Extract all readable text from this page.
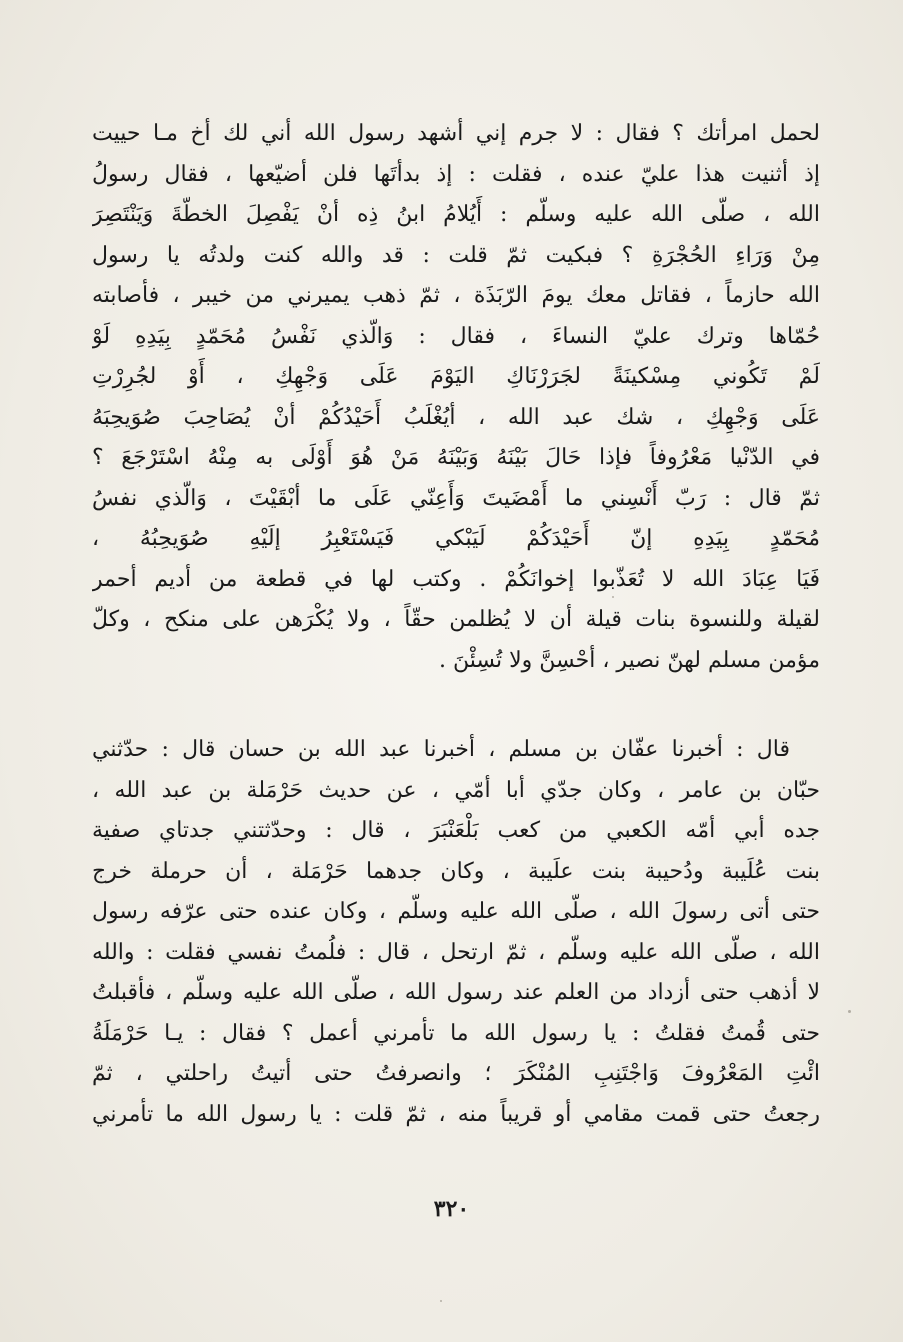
لحمل امرأتك ؟ فقال : لا جرم إني أشهد رسول الله أني لك أخ مـا حييت
إذ أثنيت هذا عليّ عنده ، فقلت : إذ بدأتَها فلن أضيّعها ، فقال رسولُ
الله ، صلّى الله عليه وسلّم : أَيُلامُ ابنُ ذِه أنْ يَفْصِلَ الخطّةَ وَيَنْتَصِرَ
مِنْ وَرَاءِ الحُجْرَةِ ؟ فبكيت ثمّ قلت : قد والله كنت ولدتُه يا رسول
الله حازماً ، فقاتل معك يومَ الرّبَذَة ، ثمّ ذهب يميرني من خيبر ، فأصابته
حُمّاها وترك عليّ النساءَ ، فقال : وَالّذي نَفْسُ مُحَمّدٍ بِيَدِهِ لَوْ
لَمْ تَكُوني مِسْكينَةً لجَرَرْنَاكِ اليَوْمَ عَلَى وَجْهِكِ ، أَوْ لجُرِرْتِ
عَلَى وَجْهِكِ ، شك عبد الله ، أيُغْلَبُ أَحَيْدُكُمْ أنْ يُصَاحِبَ صُوَيحِبَهُ
في الدّنْيا مَعْرُوفاً فإذا حَالَ بَيْنَهُ وَبَيْنَهُ مَنْ هُوَ أَوْلَى به مِنْهُ اسْتَرْجَعَ ؟
ثمّ قال : رَبّ أَنْسِني ما أَمْضَيتَ وَأَعِنّي عَلَى ما أبْقَيْتَ ، وَالّذي نفسُ
مُحَمّدٍ بِيَدِهِ إنّ أَحَيْدَكُمْ لَيَبْكي فَيَسْتَعْبِرُ إلَيْهِ صُوَيحِبُهُ ،
فَيَا عِبَادَ الله لا تُعَذّبوا إخوانَكُمْ . وكتب لها في قطعة من أديم أحمر
لقيلة وللنسوة بنات قيلة أن لا يُظلمن حقّاً ، ولا يُكْرَهن على منكح ، وكلّ
مؤمن مسلم لهنّ نصير ، أحْسِنَّ ولا تُسِئْنَ .
قال : أخبرنا عفّان بن مسلم ، أخبرنا عبد الله بن حسان قال : حدّثني
حبّان بن عامر ، وكان جدّي أبا أمّي ، عن حديث حَرْمَلة بن عبد الله ،
جده أبي أمّه الكعبي من كعب بَلْعَنْبَرَ ، قال : وحدّثتني جدتاي صفية
بنت عُلَيبة ودُحيبة بنت علَيبة ، وكان جدهما حَرْمَلة ، أن حرملة خرج
حتى أتى رسولَ الله ، صلّى الله عليه وسلّم ، وكان عنده حتى عرّفه رسول
الله ، صلّى الله عليه وسلّم ، ثمّ ارتحل ، قال : فلُمتُ نفسي فقلت : والله
لا أذهب حتى أزداد من العلم عند رسول الله ، صلّى الله عليه وسلّم ، فأقبلتُ
حتى قُمتُ فقلتُ : يا رسول الله ما تأمرني أعمل ؟ فقال : يـا حَرْمَلَةُ
ائْتِ المَعْرُوفَ وَاجْتَنِبِ المُنْكَرَ ؛ وانصرفتُ حتى أتيتُ راحلتي ، ثمّ
رجعتُ حتى قمت مقامي أو قريباً منه ، ثمّ قلت : يا رسول الله ما تأمرني
٣٢٠
